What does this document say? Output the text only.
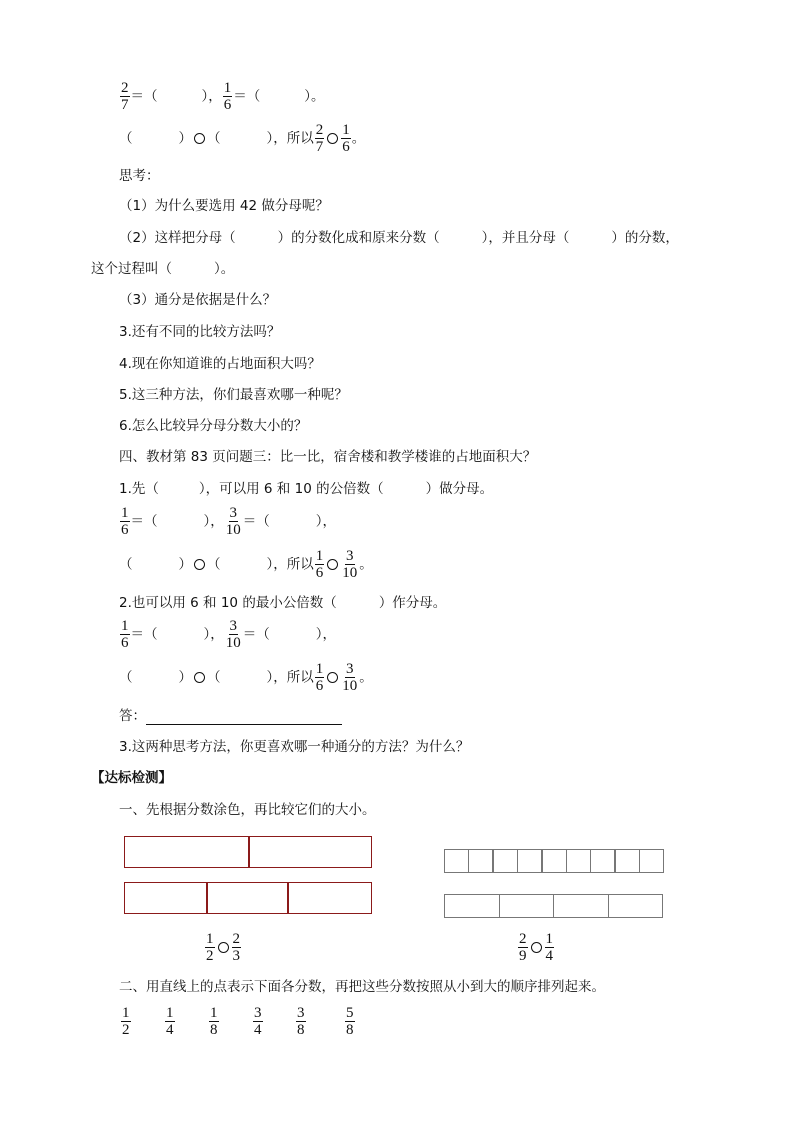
$\frac{2}{7}$ ＝（	）， $\frac{1}{6}$ ＝（	）。
（	） （	），所以 $\frac{2}{7} \frac{1}{6}$ 。
思考：
（1）为什么要选用 42 做分母呢？
（2）这样把分母（	）的分数化成和原来分数（	），并且分母（	）的分数，
这个过程叫（	）。
（3）通分是依据是什么？
3.还有不同的比较方法吗？
4.现在你知道谁的占地面积大吗？
5.这三种方法，你们最喜欢哪一种呢？
6.怎么比较异分母分数大小的？
四、教材第 83 页问题三：比一比，宿舍楼和教学楼谁的占地面积大？
1.先（	），可以用 6 和 10 的公倍数（	）做分母。
$\frac{1}{6}$ ＝（	）， $\frac{3}{10}$ ＝（	），
（	） （	），所以 $\frac{1}{6} \frac{3}{10}$ 。
2.也可以用 6 和 10 的最小公倍数（	）作分母。
$\frac{1}{6}$ ＝（	）， $\frac{3}{10}$ ＝（	），
（	） （	），所以 $\frac{1}{6} \frac{3}{10}$ 。
答：
3.这两种思考方法，你更喜欢哪一种通分的方法？为什么？
【达标检测】
一、先根据分数涂色，再比较它们的大小。
$\frac{1}{2} \frac{2}{3}$	$\frac{2}{9} \frac{1}{4}$
二、用直线上的点表示下面各分数，再把这些分数按照从小到大的顺序排列起来。
$\frac{1}{2} \frac{1}{4} \frac{1}{8} \frac{3}{4} \frac{3}{8}$	$\frac{5}{8}$
